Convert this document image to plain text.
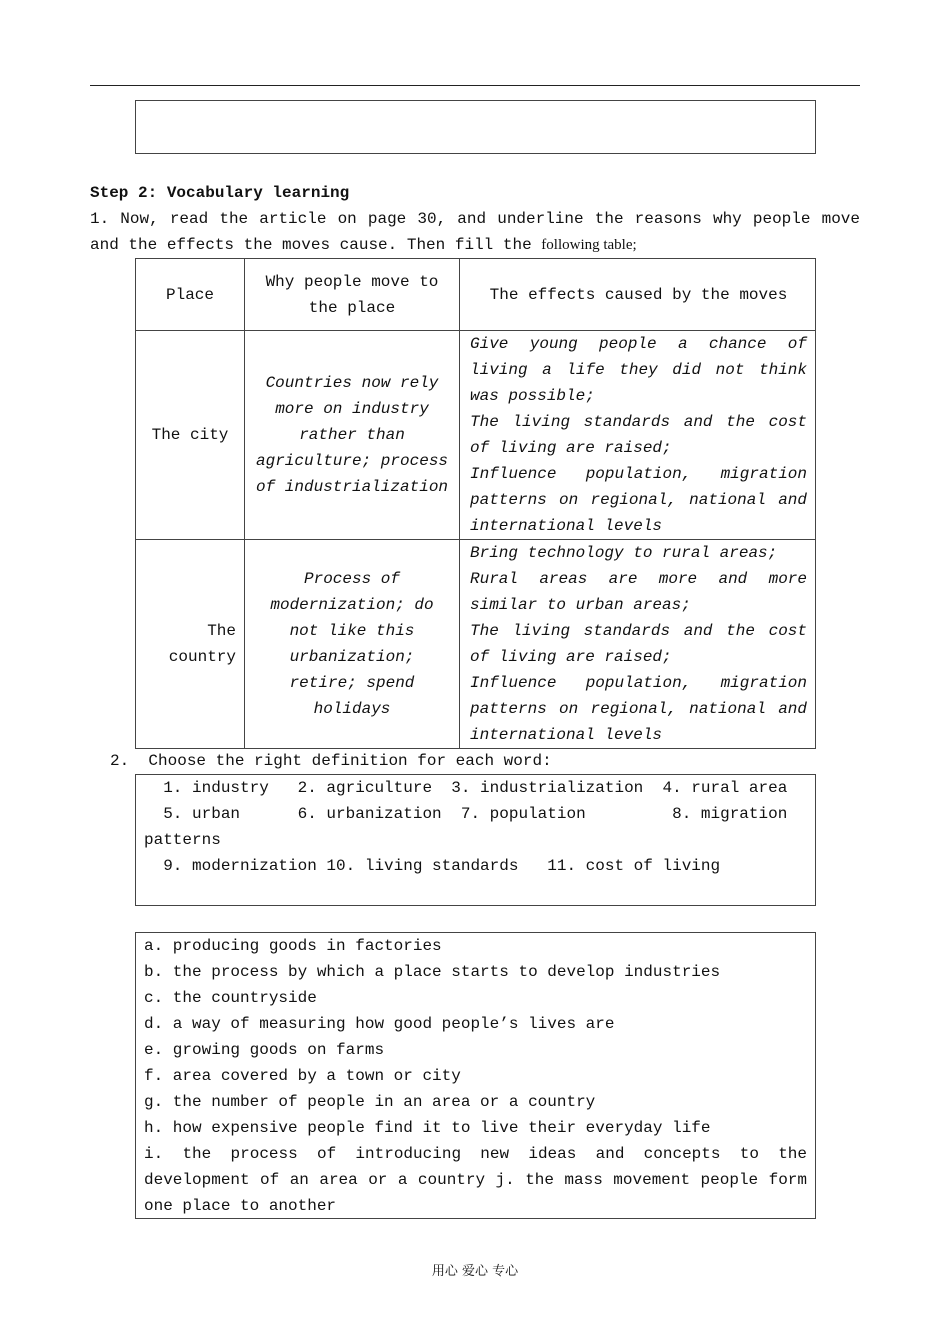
Step 2: Vocabulary learning
1. Now, read the article on page 30, and underline the reasons why people move and the effects the moves cause. Then fill the following table;
Place	Why people move to the place	The effects caused by the moves
The city	Countries now rely more on industry rather than agriculture; process of industrialization	Give young people a chance of living a life they did not think was possible;

The living standards and the cost of living are raised;

Influence population, migration patterns on regional, national and international levels

The country	Process of modernization; do not like this urbanization; retire; spend holidays	Bring technology to rural areas;

Rural areas are more and more similar to urban areas;

The living standards and the cost of living are raised;

Influence population, migration patterns on regional, national and international levels

2.  Choose the right definition for each word:

1. industry   2. agriculture  3. industrialization  4. rural area

5. urban      6. urbanization  7. population         8. migration

patterns

9. modernization 10. living standards   11. cost of living

a. producing goods in factories

b. the process by which a place starts to develop industries

c. the countryside

d. a way of measuring how good people’s lives are

e. growing goods on farms

f. area covered by a town or city

g. the number of people in an area or a country

h. how expensive people find it to live their everyday life

i. the process of introducing new ideas and concepts to the development of an area or a country j. the mass movement people form one place to another

用心 爱心 专心
